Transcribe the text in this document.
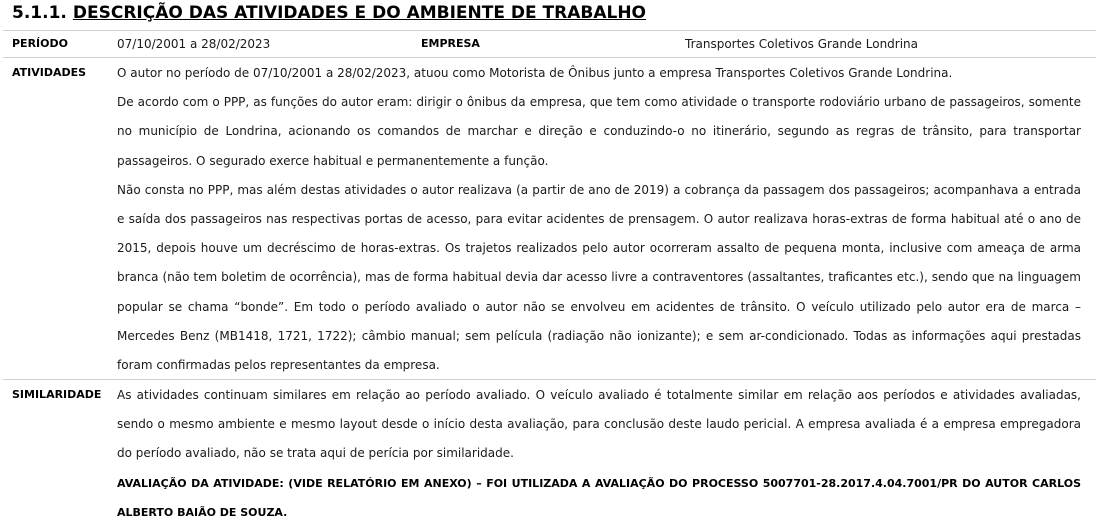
5.1.1. DESCRIÇÃO DAS ATIVIDADES E DO AMBIENTE DE TRABALHO
PERÍODO	07/10/2001 a 28/02/2023	EMPRESA	Transportes Coletivos Grande Londrina
ATIVIDADES	O autor no período de 07/10/2001 a 28/02/2023, atuou como Motorista de Ônibus junto a empresa Transportes Coletivos Grande Londrina.

De acordo com o PPP, as funções do autor eram: dirigir o ônibus da empresa, que tem como atividade o transporte rodoviário urbano de passageiros, somente no município de Londrina, acionando os comandos de marchar e direção e conduzindo-o no itinerário, segundo as regras de trânsito, para transportar passageiros. O segurado exerce habitual e permanentemente a função.

Não consta no PPP, mas além destas atividades o autor realizava (a partir de ano de 2019) a cobrança da passagem dos passageiros; acompanhava a entrada e saída dos passageiros nas respectivas portas de acesso, para evitar acidentes de prensagem. O autor realizava horas-extras de forma habitual até o ano de 2015, depois houve um decréscimo de horas-extras. Os trajetos realizados pelo autor ocorreram assalto de pequena monta, inclusive com ameaça de arma branca (não tem boletim de ocorrência), mas de forma habitual devia dar acesso livre a contraventores (assaltantes, traficantes etc.), sendo que na linguagem popular se chama “bonde”. Em todo o período avaliado o autor não se envolveu em acidentes de trânsito. O veículo utilizado pelo autor era de marca – Mercedes Benz (MB1418, 1721, 1722); câmbio manual; sem película (radiação não ionizante); e sem ar-condicionado. Todas as informações aqui prestadas foram confirmadas pelos representantes da empresa.

SIMILARIDADE As atividades continuam similares em relação ao período avaliado. O veículo avaliado é totalmente similar em relação aos períodos e atividades avaliadas, sendo o mesmo ambiente e mesmo layout desde o início desta avaliação, para conclusão deste laudo pericial. A empresa avaliada é a empresa empregadora do período avaliado, não se trata aqui de perícia por similaridade.

AVALIAÇÃO DA ATIVIDADE: (VIDE RELATÓRIO EM ANEXO) – FOI UTILIZADA A AVALIAÇÃO DO PROCESSO 5007701-28.2017.4.04.7001/PR DO AUTOR CARLOS ALBERTO BAIÃO DE SOUZA.
